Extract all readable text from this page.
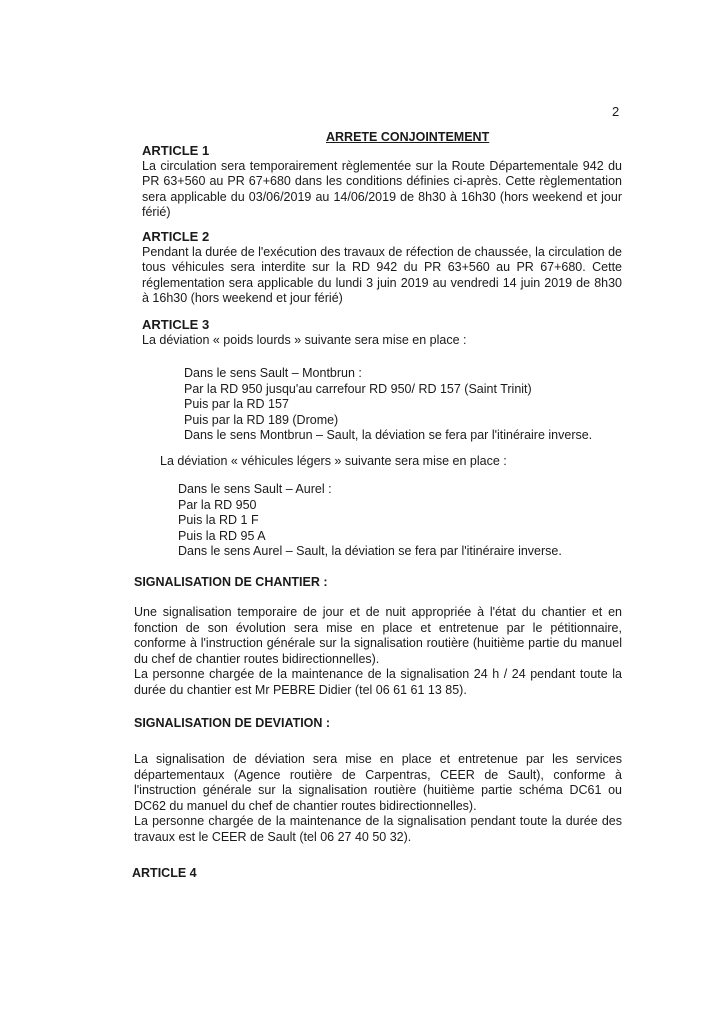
2
ARRETE CONJOINTEMENT

ARTICLE 1

La circulation sera temporairement règlementée sur la Route Départementale 942 du PR 63+560 au PR 67+680 dans les conditions définies ci-après. Cette règlementation sera applicable du 03/06/2019 au 14/06/2019 de 8h30 à 16h30 (hors weekend et jour férié)

ARTICLE 2

Pendant la durée de l'exécution des travaux de réfection de chaussée, la circulation de tous véhicules sera interdite sur la RD 942 du PR 63+560 au PR 67+680. Cette réglementation sera applicable du lundi 3 juin 2019 au vendredi 14 juin 2019 de 8h30 à 16h30 (hors weekend et jour férié)

ARTICLE 3

La déviation « poids lourds » suivante sera mise en place :

Dans le sens Sault – Montbrun :
Par la RD 950 jusqu'au carrefour RD 950/ RD 157 (Saint Trinit)
Puis par la RD 157
Puis par la RD 189 (Drome)
Dans le sens Montbrun – Sault, la déviation se fera par l'itinéraire inverse.
La déviation « véhicules légers » suivante sera mise en place :
Dans le sens Sault – Aurel :
Par la RD 950
Puis la RD 1 F
Puis la RD 95 A
Dans le sens Aurel – Sault, la déviation se fera par l'itinéraire inverse.
SIGNALISATION DE CHANTIER :

Une signalisation temporaire de jour et de nuit appropriée à l'état du chantier et en fonction de son évolution sera mise en place et entretenue par le pétitionnaire, conforme à l'instruction générale sur la signalisation routière (huitième partie du manuel du chef de chantier routes bidirectionnelles).

La personne chargée de la maintenance de la signalisation 24 h / 24 pendant toute la durée du chantier est Mr PEBRE Didier (tel 06 61 61 13 85).

SIGNALISATION DE DEVIATION :

La signalisation de déviation sera mise en place et entretenue par les services départementaux (Agence routière de Carpentras, CEER de Sault), conforme à l'instruction générale sur la signalisation routière (huitième partie schéma DC61 ou DC62 du manuel du chef de chantier routes bidirectionnelles).

La personne chargée de la maintenance de la signalisation pendant toute la durée des travaux est le CEER de Sault (tel 06 27 40 50 32).

ARTICLE 4
